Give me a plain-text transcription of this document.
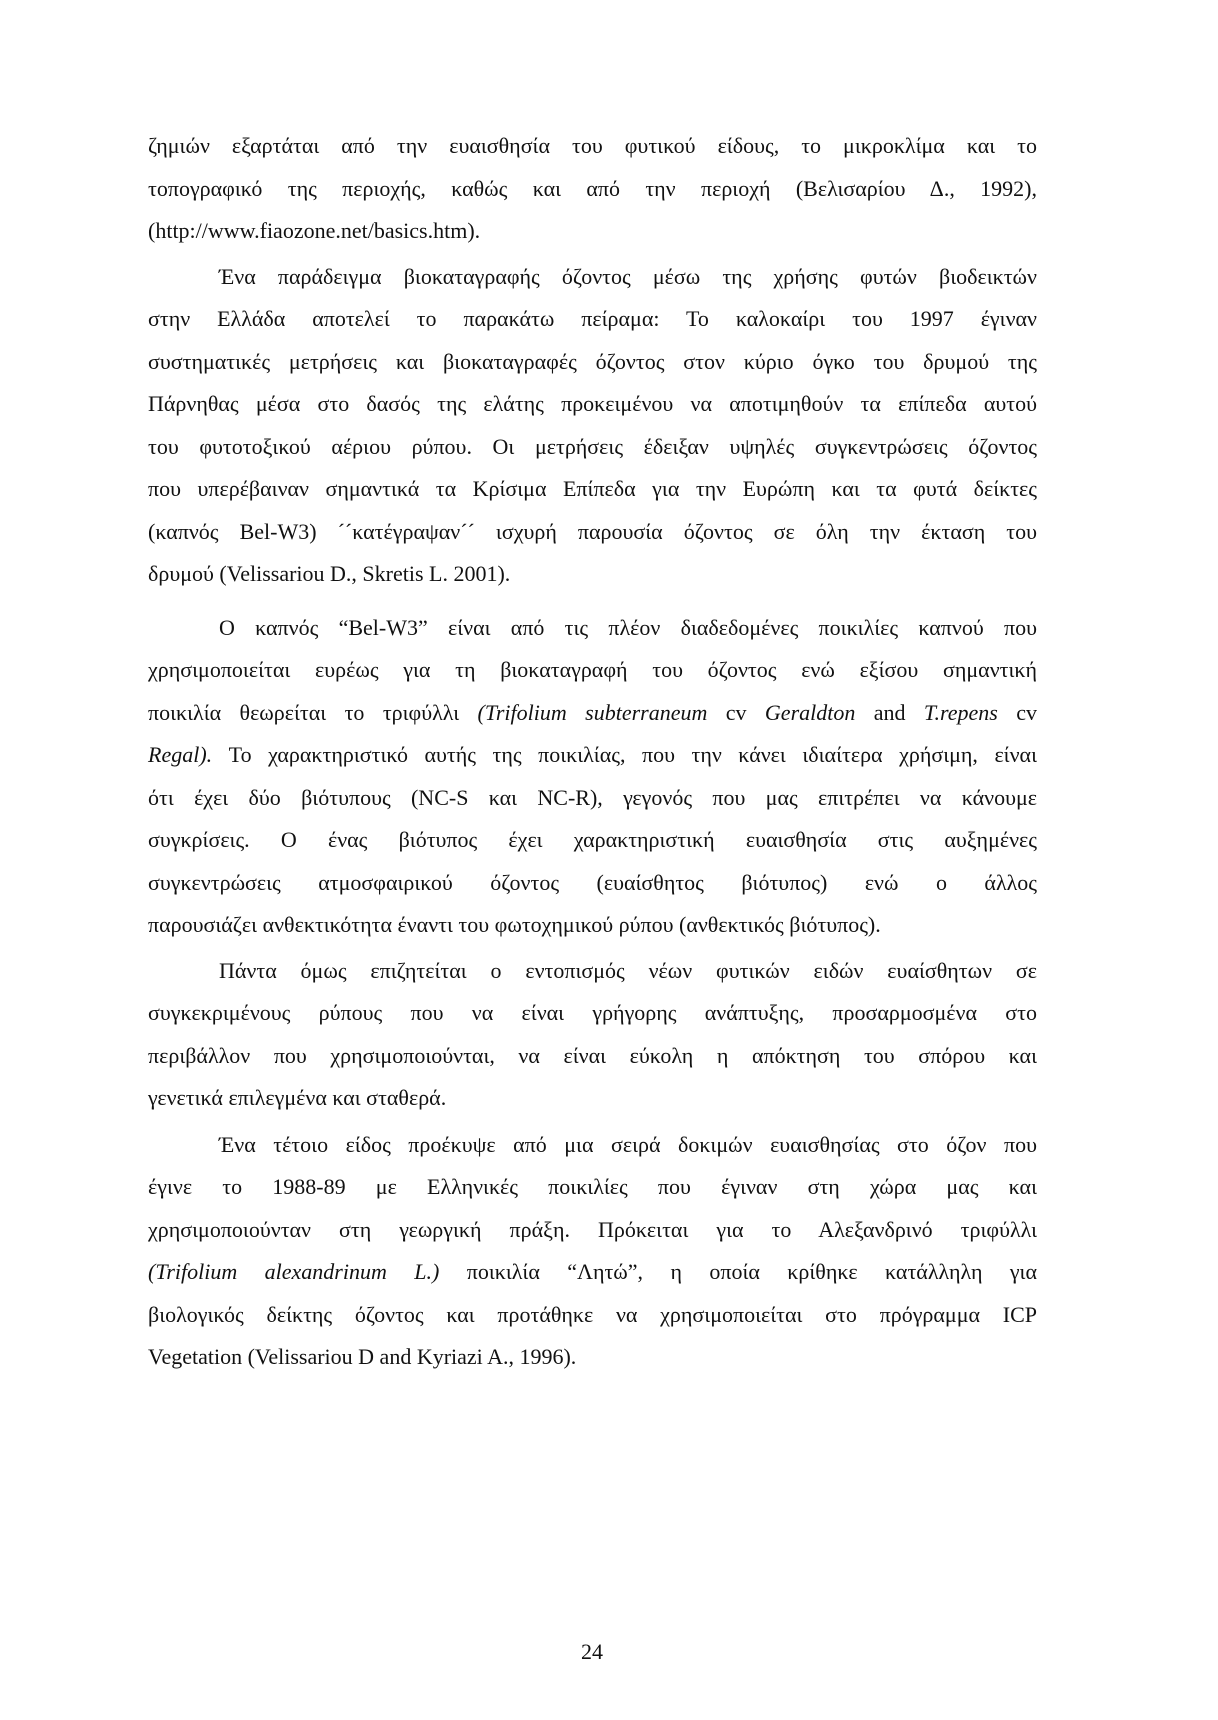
ζημιών εξαρτάται από την ευαισθησία του φυτικού είδους, το μικροκλίμα και το
τοπογραφικό της περιοχής, καθώς και από την περιοχή (Βελισαρίου Δ., 1992),
(http://www.fiaozone.net/basics.htm).
Ένα παράδειγμα βιοκαταγραφής όζοντος μέσω της χρήσης φυτών βιοδεικτών
στην Ελλάδα αποτελεί το παρακάτω πείραμα: Το καλοκαίρι του 1997 έγιναν
συστηματικές μετρήσεις και βιοκαταγραφές όζοντος στον κύριο όγκο του δρυμού της
Πάρνηθας μέσα στο δασός της ελάτης προκειμένου να αποτιμηθούν τα επίπεδα αυτού
του φυτοτοξικού αέριου ρύπου. Οι μετρήσεις έδειξαν υψηλές συγκεντρώσεις όζοντος
που υπερέβαιναν σημαντικά τα Κρίσιμα Επίπεδα για την Ευρώπη και τα φυτά δείκτες
(καπνός Bel-W3) ´´κατέγραψαν´´ ισχυρή παρουσία όζοντος σε όλη την έκταση του
δρυμού (Velissariou D., Skretis L. 2001).
Ο καπνός “Bel-W3” είναι από τις πλέον διαδεδομένες ποικιλίες καπνού που
χρησιμοποιείται ευρέως για τη βιοκαταγραφή του όζοντος ενώ εξίσου σημαντική
ποικιλία θεωρείται το τριφύλλι (Trifolium subterraneum cv Geraldton and T.repens cv
Regal). Το χαρακτηριστικό αυτής της ποικιλίας, που την κάνει ιδιαίτερα χρήσιμη, είναι
ότι έχει δύο βιότυπους (NC-S και NC-R), γεγονός που μας επιτρέπει να κάνουμε
συγκρίσεις. Ο ένας βιότυπος έχει χαρακτηριστική ευαισθησία στις αυξημένες
συγκεντρώσεις ατμοσφαιρικού όζοντος (ευαίσθητος βιότυπος) ενώ ο άλλος
παρουσιάζει ανθεκτικότητα έναντι του φωτοχημικού ρύπου (ανθεκτικός βιότυπος).
Πάντα όμως επιζητείται ο εντοπισμός νέων φυτικών ειδών ευαίσθητων σε
συγκεκριμένους ρύπους που να είναι γρήγορης ανάπτυξης, προσαρμοσμένα στο
περιβάλλον που χρησιμοποιούνται, να είναι εύκολη η απόκτηση του σπόρου και
γενετικά επιλεγμένα και σταθερά.
Ένα τέτοιο είδος προέκυψε από μια σειρά δοκιμών ευαισθησίας στο όζον που
έγινε το 1988-89 με Ελληνικές ποικιλίες που έγιναν στη χώρα μας και
χρησιμοποιούνταν στη γεωργική πράξη. Πρόκειται για το Αλεξανδρινό τριφύλλι
(Trifolium alexandrinum L.) ποικιλία “Λητώ”, η οποία κρίθηκε κατάλληλη για
βιολογικός δείκτης όζοντος και προτάθηκε να χρησιμοποιείται στο πρόγραμμα ICP
Vegetation (Velissariou D and Kyriazi A., 1996).
24
